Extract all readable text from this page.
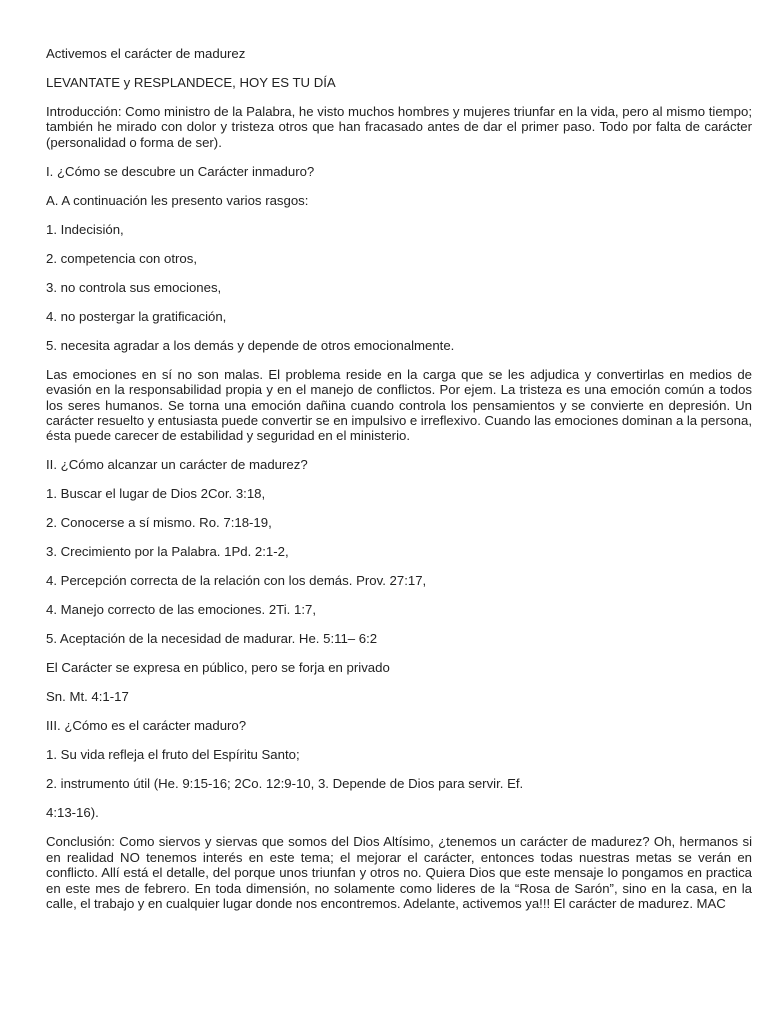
Activemos el carácter de madurez

LEVANTATE y RESPLANDECE, HOY ES TU DÍA

Introducción: Como ministro de la Palabra, he visto muchos hombres y mujeres triunfar en la vida, pero al mismo tiempo; también he mirado con dolor y tristeza otros que han fracasado antes de dar el primer paso. Todo por falta de carácter (personalidad o forma de ser).

I. ¿Cómo se descubre un Carácter inmaduro?

A. A continuación les presento varios rasgos:

1. Indecisión,

2. competencia con otros,

3. no controla sus emociones,

4. no postergar la gratificación,

5. necesita agradar a los demás y depende de otros emocionalmente.

Las emociones en sí no son malas. El problema reside en la carga que se les adjudica y convertirlas en medios de evasión en la responsabilidad propia y en el manejo de conflictos. Por ejem. La tristeza es una emoción común a todos los seres humanos. Se torna una emoción dañina cuando controla los pensamientos y se convierte en depresión. Un carácter resuelto y entusiasta puede convertir se en impulsivo e irreflexivo. Cuando las emociones dominan a la persona, ésta puede carecer de estabilidad y seguridad en el ministerio.

II. ¿Cómo alcanzar un carácter de madurez?

1. Buscar el lugar de Dios 2Cor. 3:18,

2. Conocerse a sí mismo. Ro. 7:18-19,

3. Crecimiento por la Palabra. 1Pd. 2:1-2,

4. Percepción correcta de la relación con los demás. Prov. 27:17,

4. Manejo correcto de las emociones. 2Ti. 1:7,

5. Aceptación de la necesidad de madurar. He. 5:11– 6:2

El Carácter se expresa en público, pero se forja en privado

Sn. Mt. 4:1-17

III. ¿Cómo es el carácter maduro?

1. Su vida refleja el fruto del Espíritu Santo;

2. instrumento útil (He. 9:15-16; 2Co. 12:9-10, 3. Depende de Dios para servir. Ef.

4:13-16).

Conclusión: Como siervos y siervas que somos del Dios Altísimo, ¿tenemos un carácter de madurez? Oh, hermanos si en realidad NO tenemos interés en este tema; el mejorar el carácter, entonces todas nuestras metas se verán en conflicto. Allí está el detalle, del porque unos triunfan y otros no. Quiera Dios que este mensaje lo pongamos en practica en este mes de febrero. En toda dimensión, no solamente como lideres de la “Rosa de Sarón”, sino en la casa, en la calle, el trabajo y en cualquier lugar donde nos encontremos. Adelante, activemos ya!!! El carácter de madurez. MAC
